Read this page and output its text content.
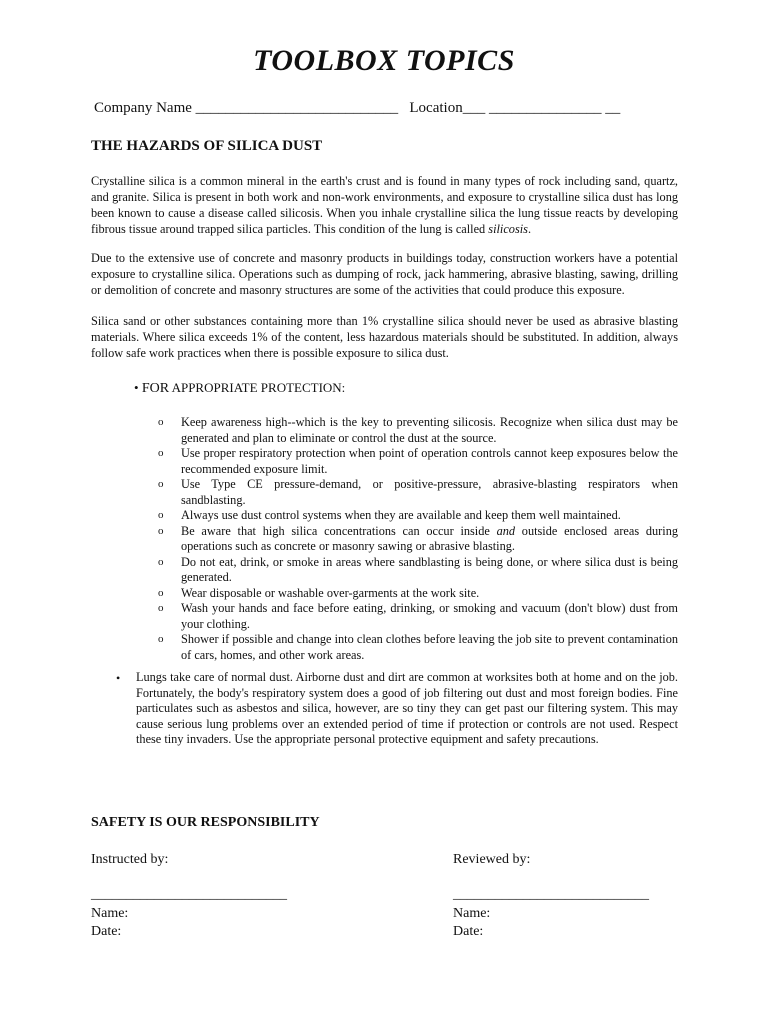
TOOLBOX TOPICS
Company Name ___________________________   Location___ _______________ __
THE HAZARDS OF SILICA DUST

Crystalline silica is a common mineral in the earth's crust and is found in many types of rock including sand, quartz, and granite. Silica is present in both work and non-work environments, and exposure to crystalline silica dust has long been known to cause a disease called silicosis. When you inhale crystalline silica the lung tissue reacts by developing fibrous tissue around trapped silica particles. This condition of the lung is called silicosis.

Due to the extensive use of concrete and masonry products in buildings today, construction workers have a potential exposure to crystalline silica. Operations such as dumping of rock, jack hammering, abrasive blasting, sawing, drilling or demolition of concrete and masonry structures are some of the activities that could produce this exposure.

Silica sand or other substances containing more than 1% crystalline silica should never be used as abrasive blasting materials. Where silica exceeds 1% of the content, less hazardous materials should be substituted. In addition, always follow safe work practices when there is possible exposure to silica dust.

• FOR APPROPRIATE PROTECTION:
o Keep awareness high--which is the key to preventing silicosis. Recognize when silica dust may be generated and plan to eliminate or control the dust at the source.
o Use proper respiratory protection when point of operation controls cannot keep exposures below the recommended exposure limit.
o Use Type CE pressure-demand, or positive-pressure, abrasive-blasting respirators when sandblasting.
o Always use dust control systems when they are available and keep them well maintained.
o Be aware that high silica concentrations can occur inside and outside enclosed areas during operations such as concrete or masonry sawing or abrasive blasting.
o Do not eat, drink, or smoke in areas where sandblasting is being done, or where silica dust is being generated.
o Wear disposable or washable over-garments at the work site.
o Wash your hands and face before eating, drinking, or smoking and vacuum (don't blow) dust from your clothing.
o Shower if possible and change into clean clothes before leaving the job site to prevent contamination of cars, homes, and other work areas.
• Lungs take care of normal dust. Airborne dust and dirt are common at worksites both at home and on the job. Fortunately, the body's respiratory system does a good of job filtering out dust and most foreign bodies. Fine particulates such as asbestos and silica, however, are so tiny they can get past our filtering system. This may cause serious lung problems over an extended period of time if protection or controls are not used. Respect these tiny invaders. Use the appropriate personal protective equipment and safety precautions.

SAFETY IS OUR RESPONSIBILITY
Instructed by:	Reviewed by:
____________________________	____________________________
Name:	Name:
Date:	Date:
